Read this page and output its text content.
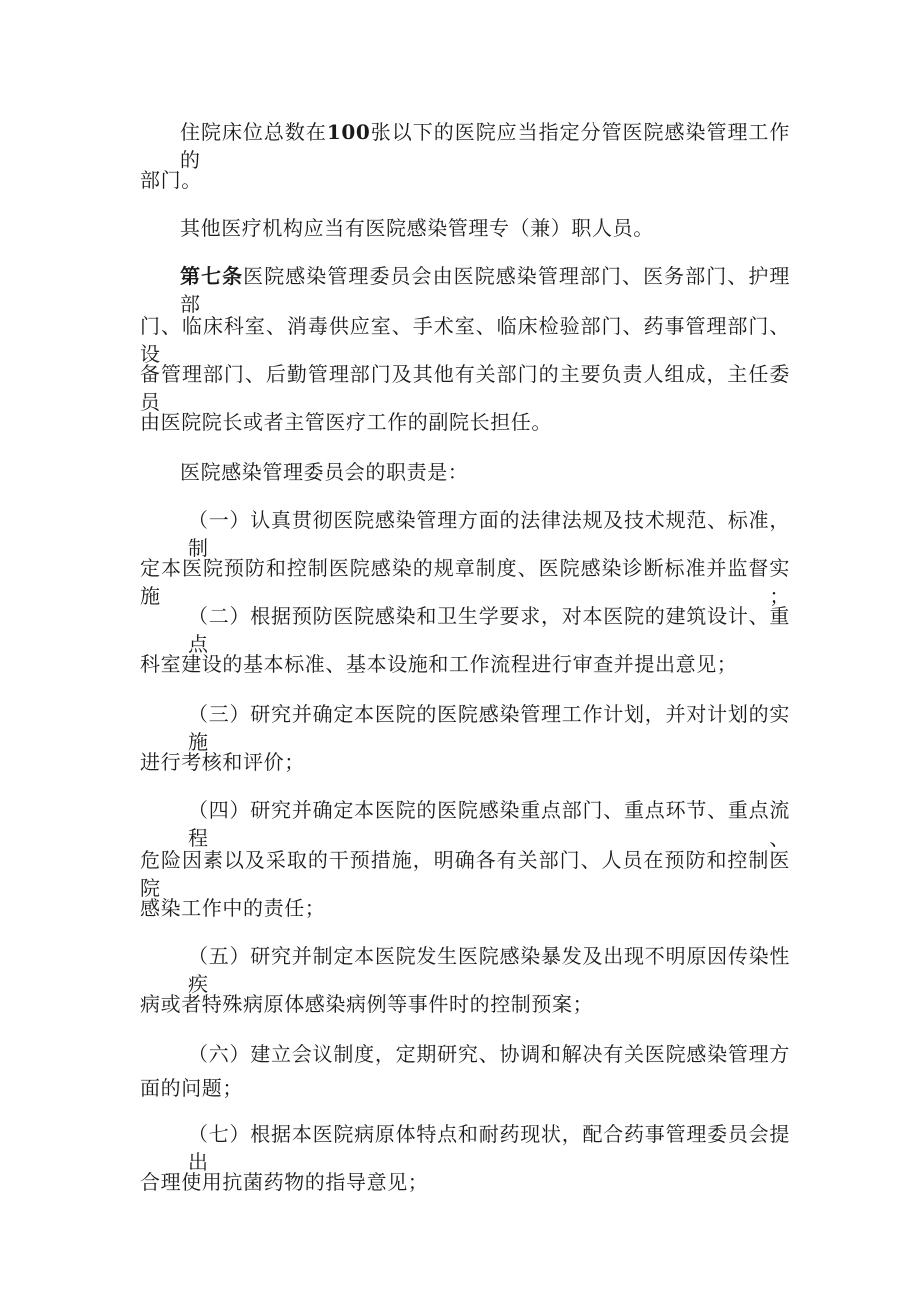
住院床位总数在100张以下的医院应当指定分管医院感染管理工作的
部门。
其他医疗机构应当有医院感染管理专（兼）职人员。
第七条医院感染管理委员会由医院感染管理部门、医务部门、护理部
门、临床科室、消毒供应室、手术室、临床检验部门、药事管理部门、设
备管理部门、后勤管理部门及其他有关部门的主要负责人组成，主任委员
由医院院长或者主管医疗工作的副院长担任。
医院感染管理委员会的职责是：
（一）认真贯彻医院感染管理方面的法律法规及技术规范、标准，制
定本医院预防和控制医院感染的规章制度、医院感染诊断标准并监督实施；
（二）根据预防医院感染和卫生学要求，对本医院的建筑设计、重点
科室建设的基本标准、基本设施和工作流程进行审查并提出意见；
（三）研究并确定本医院的医院感染管理工作计划，并对计划的实施
进行考核和评价；
（四）研究并确定本医院的医院感染重点部门、重点环节、重点流程、
危险因素以及采取的干预措施，明确各有关部门、人员在预防和控制医院
感染工作中的责任；
（五）研究并制定本医院发生医院感染暴发及出现不明原因传染性疾
病或者特殊病原体感染病例等事件时的控制预案；
（六）建立会议制度，定期研究、协调和解决有关医院感染管理方
面的问题；
（七）根据本医院病原体特点和耐药现状，配合药事管理委员会提出
合理使用抗菌药物的指导意见；
